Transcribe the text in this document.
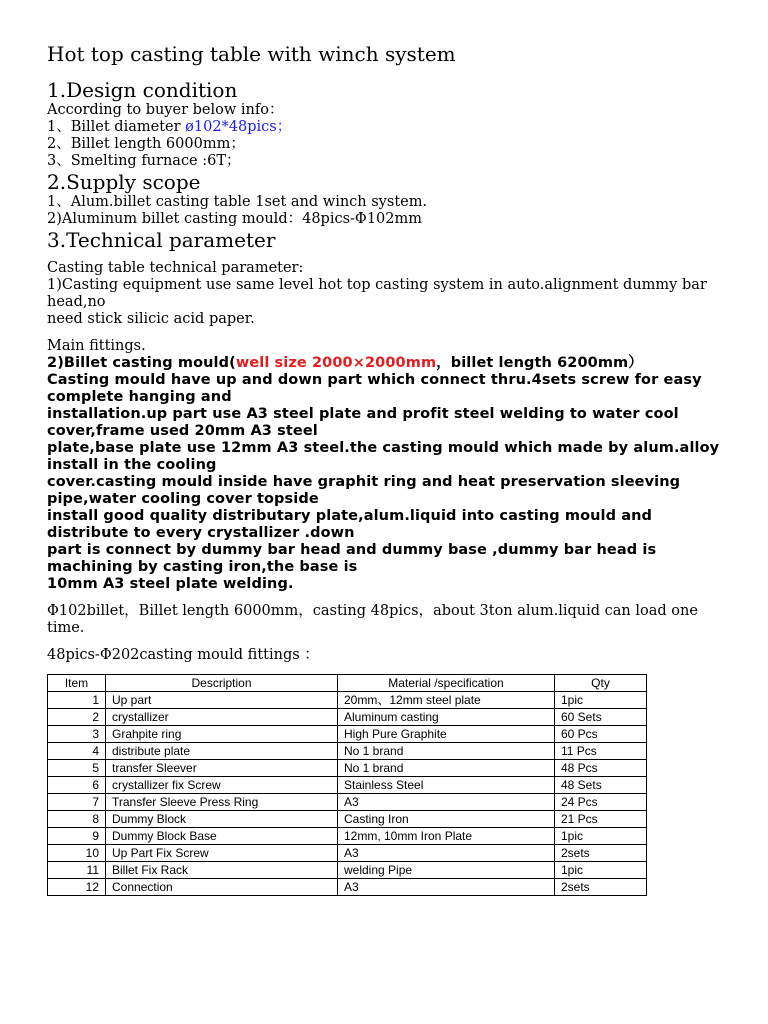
Hot top casting table with winch system
1.Design condition

According to buyer below info：

1、Billet diameter ø102*48pics；

2、Billet length 6000mm；

3、Smelting furnace :6T；

2.Supply scope

1、Alum.billet casting table 1set and winch system.

2)Aluminum billet casting mould：48pics-Φ102mm

3.Technical parameter

Casting table technical parameter:

1)Casting equipment use same level hot top casting system in auto.alignment dummy bar head,no

need stick silicic acid paper.

Main fittings.

2)Billet casting mould(well size 2000×2000mm，billet length 6200mm）

Casting mould have up and down part which connect thru.4sets screw for easy complete hanging and

installation.up part use A3 steel plate and profit steel welding to water cool cover,frame used 20mm A3 steel

plate,base plate use 12mm A3 steel.the casting mould which made by alum.alloy install in the cooling

cover.casting mould inside have graphit ring and heat preservation sleeving pipe,water cooling cover topside

install good quality distributary plate,alum.liquid into casting mould and distribute to every crystallizer .down

part is connect by dummy bar head and dummy base ,dummy bar head is machining by casting iron,the base is

10mm A3 steel plate welding.

Φ102billet，Billet length 6000mm，casting 48pics，about 3ton alum.liquid can load one time.

48pics-Φ202casting mould fittings ：

Item	Description	Material /specification	Qty
1	Up part	20mm、12mm steel plate	1pic
2	crystallizer	Aluminum casting	60 Sets
3	Grahpite ring	High Pure Graphite	60 Pcs
4	distribute plate	No 1 brand	11 Pcs
5	transfer Sleever	No 1 brand	48 Pcs
6	crystallizer fix Screw	Stainless Steel	48 Sets
7	Transfer Sleeve Press Ring	A3	24 Pcs
8	Dummy Block	Casting Iron	21 Pcs
9	Dummy Block Base	12mm, 10mm Iron Plate	1pic
10	Up Part Fix Screw	A3	2sets
11	Billet Fix Rack	welding Pipe	1pic
12	Connection	A3	2sets
